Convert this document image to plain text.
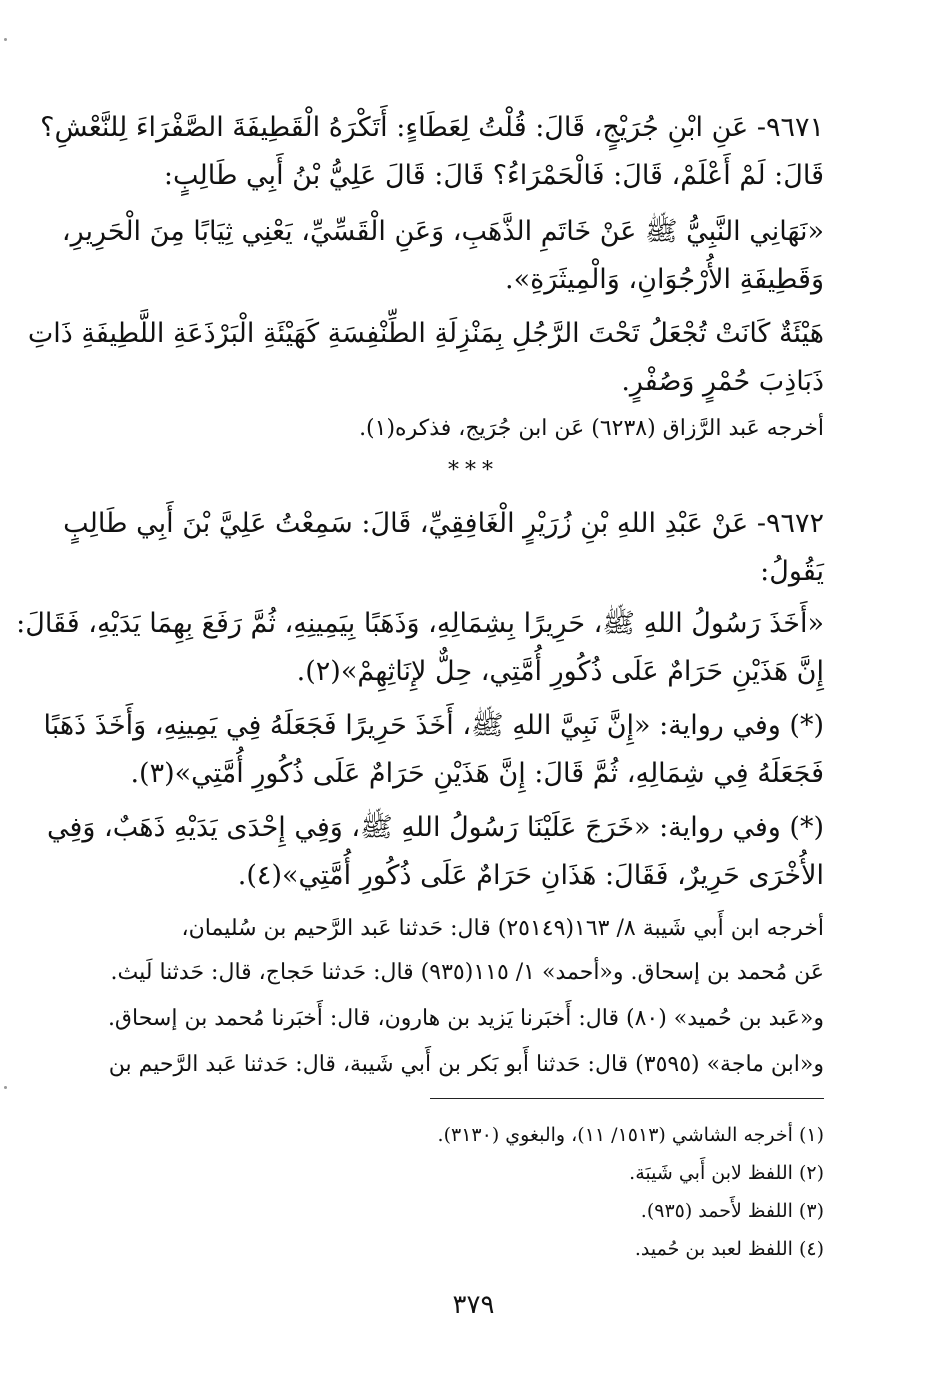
٩٦٧١- عَنِ ابْنِ جُرَيْجٍ، قَالَ: قُلْتُ لِعَطَاءٍ: أَتَكْرَهُ الْقَطِيفَةَ الصَّفْرَاءَ لِلنَّعْشِ؟
قَالَ: لَمْ أَعْلَمْ، قَالَ: فَالْحَمْرَاءُ؟ قَالَ: قَالَ عَلِيُّ بْنُ أَبِي طَالِبٍ:
«نَهَانِي النَّبِيُّ ﷺ عَنْ خَاتَمِ الذَّهَبِ، وَعَنِ الْقَسِّيِّ، يَعْنِي ثِيَابًا مِنَ الْحَرِيرِ،
وَقَطِيفَةِ الأُرْجُوَانِ، وَالْمِيثَرَةِ».
هَيْئَةٌ كَانَتْ تُجْعَلُ تَحْتَ الرَّجُلِ بِمَنْزِلَةِ الطِّنْفِسَةِ كَهَيْئَةِ الْبَرْذَعَةِ اللَّطِيفَةِ ذَاتِ
ذَبَاذِبَ حُمْرٍ وَصُفْرٍ.
أخرجه عَبد الرَّزاق (٦٢٣٨) عَن ابن جُرَيج، فذكره(١).
***
٩٦٧٢- عَنْ عَبْدِ اللهِ بْنِ زُرَيْرٍ الْغَافِقِيِّ، قَالَ: سَمِعْتُ عَلِيَّ بْنَ أَبِي طَالِبٍ
يَقُولُ:
«أَخَذَ رَسُولُ اللهِ ﷺ، حَرِيرًا بِشِمَالِهِ، وَذَهَبًا بِيَمِينِهِ، ثُمَّ رَفَعَ بِهِمَا يَدَيْهِ، فَقَالَ:
إِنَّ هَذَيْنِ حَرَامٌ عَلَى ذُكُورِ أُمَّتِي، حِلٌّ لإِنَاثِهِمْ»(٢).
(*) وفي رواية: «إِنَّ نَبِيَّ اللهِ ﷺ، أَخَذَ حَرِيرًا فَجَعَلَهُ فِي يَمِينِهِ، وَأَخَذَ ذَهَبًا
فَجَعَلَهُ فِي شِمَالِهِ، ثُمَّ قَالَ: إِنَّ هَذَيْنِ حَرَامٌ عَلَى ذُكُورِ أُمَّتِي»(٣).
(*) وفي رواية: «خَرَجَ عَلَيْنَا رَسُولُ اللهِ ﷺ، وَفِي إِحْدَى يَدَيْهِ ذَهَبٌ، وَفِي
الأُخْرَى حَرِيرٌ، فَقَالَ: هَذَانِ حَرَامٌ عَلَى ذُكُورِ أُمَّتِي»(٤).
أخرجه ابن أَبي شَيبة ٨/ ١٦٣(٢٥١٤٩) قال: حَدثنا عَبد الرَّحيم بن سُليمان،
عَن مُحمد بن إسحاق. و«أحمد» ١/ ١١٥(٩٣٥) قال: حَدثنا حَجاج، قال: حَدثنا لَيث.
و«عَبد بن حُميد» (٨٠) قال: أَخبَرنا يَزيد بن هارون، قال: أَخبَرنا مُحمد بن إسحاق.
و«ابن ماجة» (٣٥٩٥) قال: حَدثنا أَبو بَكر بن أَبي شَيبة، قال: حَدثنا عَبد الرَّحيم بن
(١) أخرجه الشاشي (١٥١٣/ ١١)، والبغوي (٣١٣٠).
(٢) اللفظ لابن أَبي شَيبَة.
(٣) اللفظ لأَحمد (٩٣٥).
(٤) اللفظ لعبد بن حُميد.
٣٧٩
